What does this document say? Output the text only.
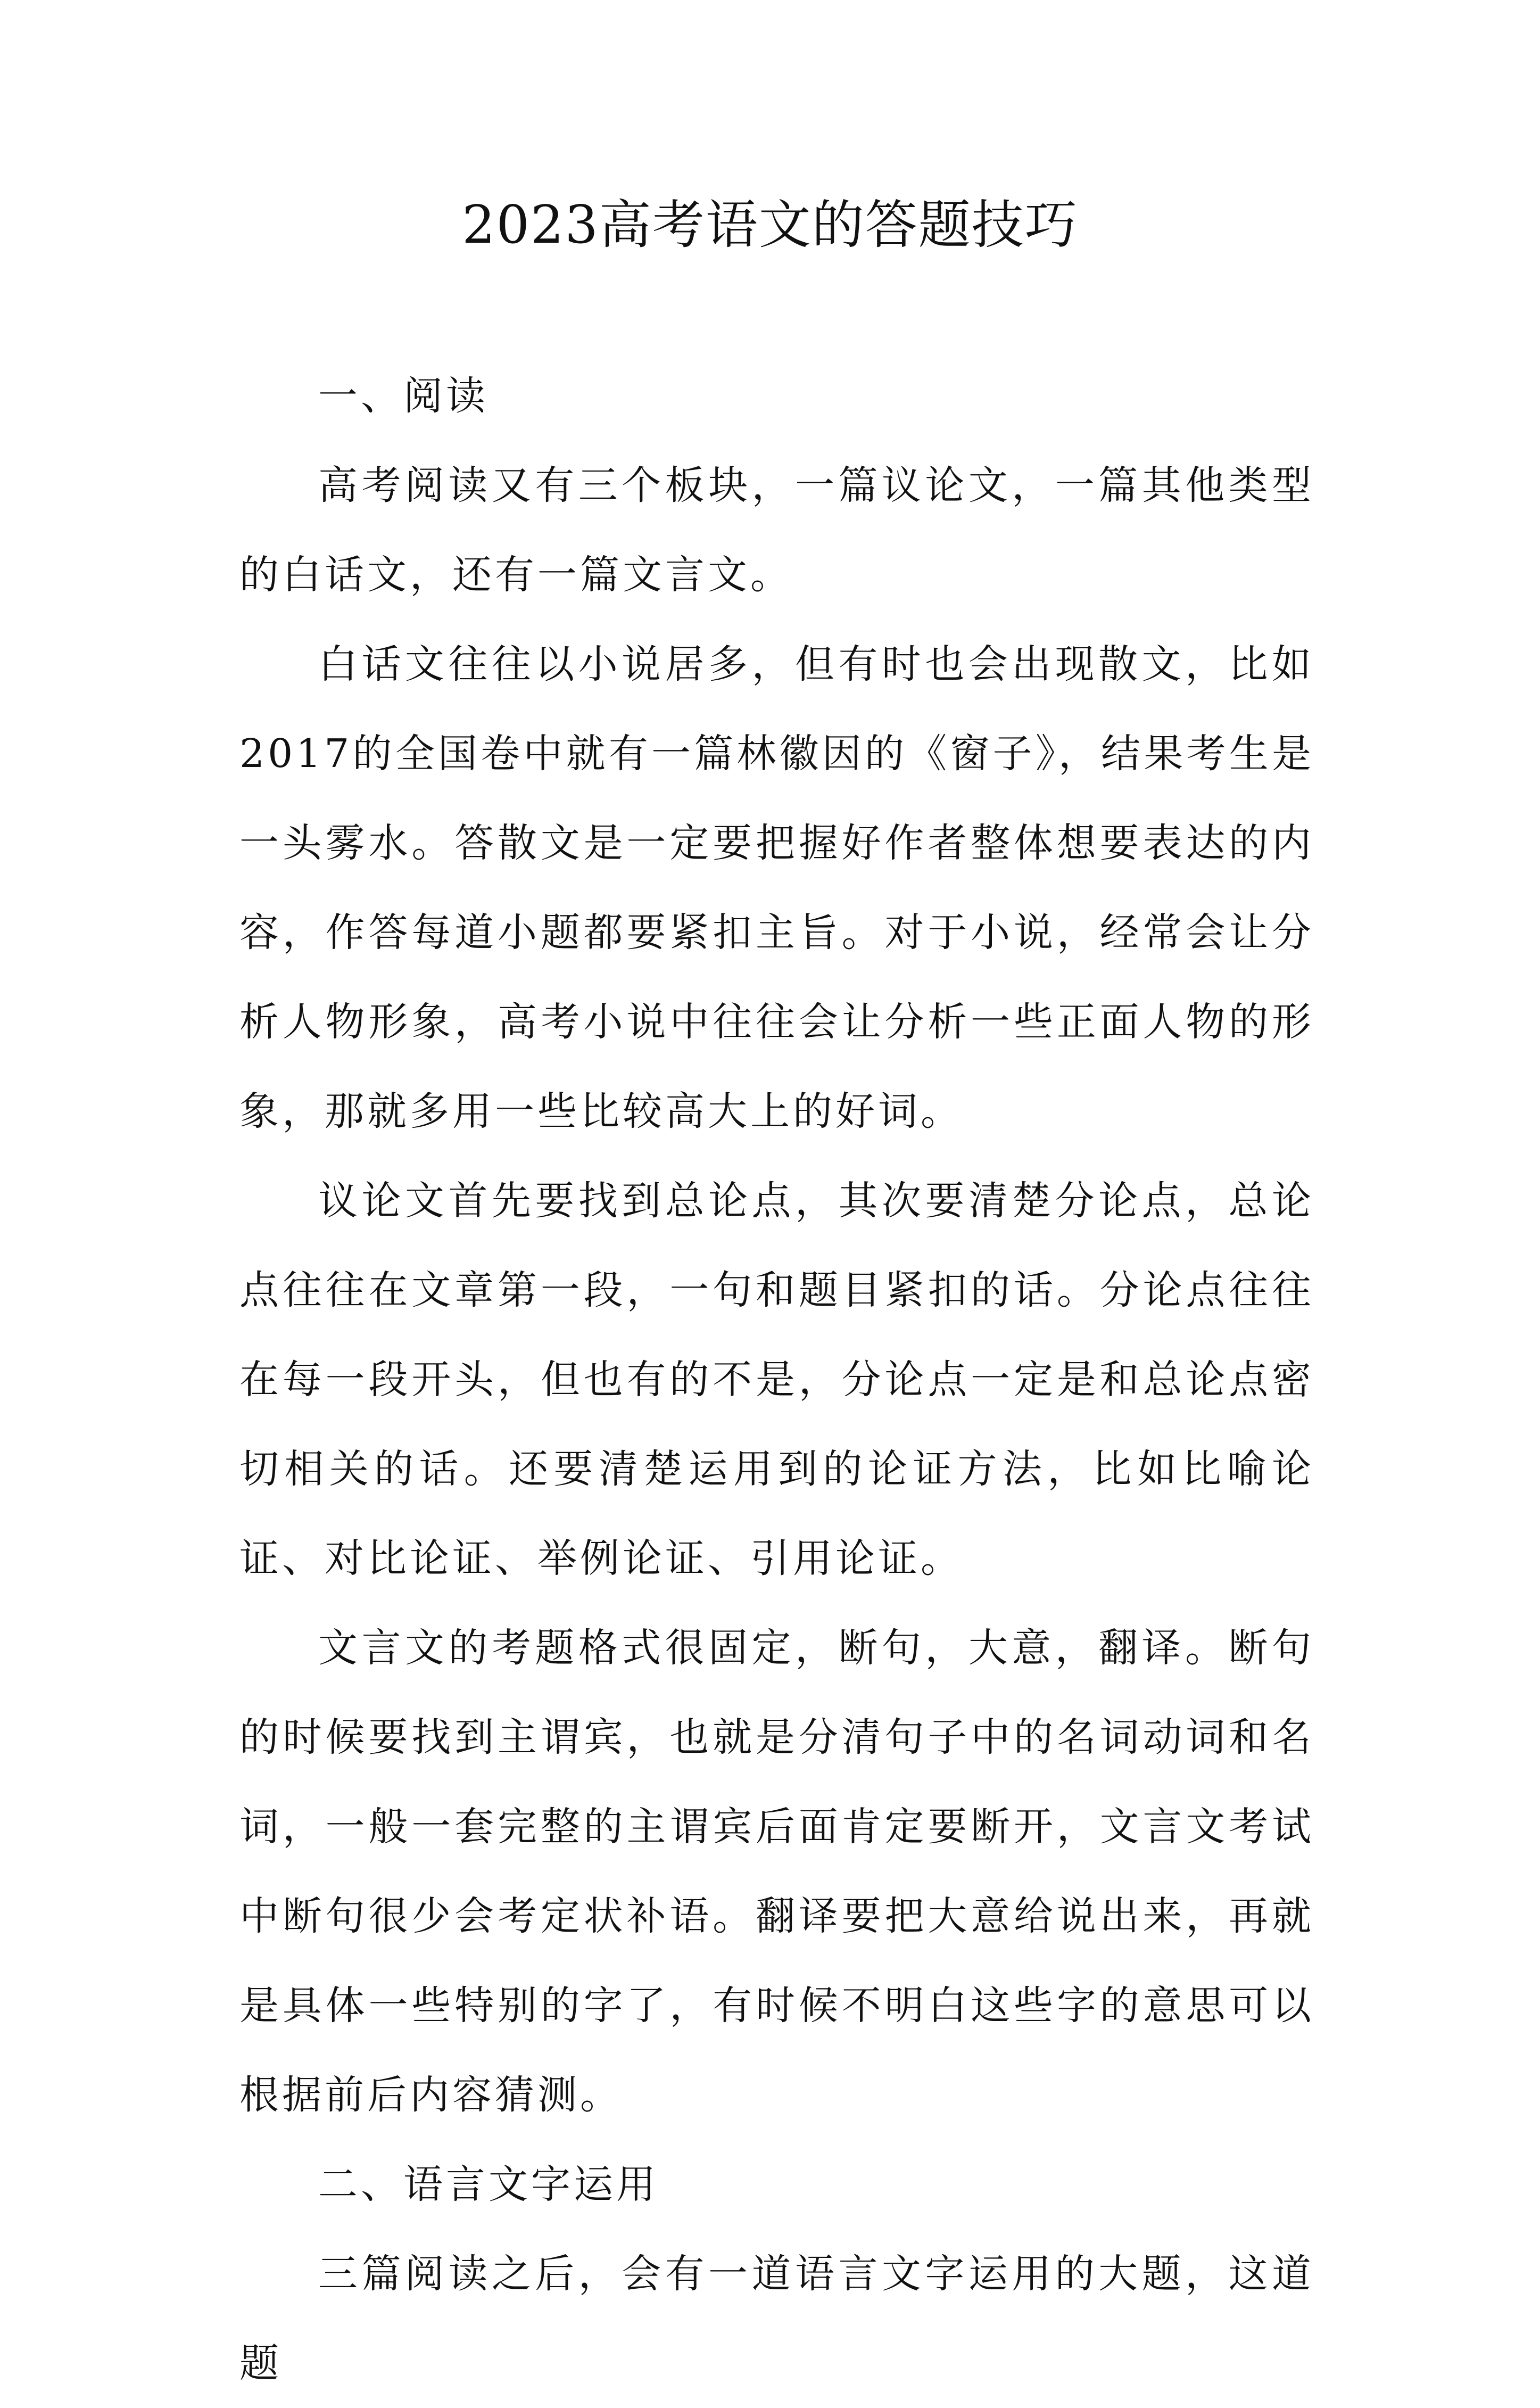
2023高考语文的答题技巧

一、阅读

高考阅读又有三个板块，一篇议论文，一篇其他类型的白话文，还有一篇文言文。

白话文往往以小说居多，但有时也会出现散文，比如2017的全国卷中就有一篇林徽因的《窗子》，结果考生是一头雾水。答散文是一定要把握好作者整体想要表达的内容，作答每道小题都要紧扣主旨。对于小说，经常会让分析人物形象，高考小说中往往会让分析一些正面人物的形象，那就多用一些比较高大上的好词。

议论文首先要找到总论点，其次要清楚分论点，总论点往往在文章第一段，一句和题目紧扣的话。分论点往往在每一段开头，但也有的不是，分论点一定是和总论点密切相关的话。还要清楚运用到的论证方法，比如比喻论证、对比论证、举例论证、引用论证。

文言文的考题格式很固定，断句，大意，翻译。断句的时候要找到主谓宾，也就是分清句子中的名词动词和名词，一般一套完整的主谓宾后面肯定要断开，文言文考试中断句很少会考定状补语。翻译要把大意给说出来，再就是具体一些特别的字了，有时候不明白这些字的意思可以根据前后内容猜测。

二、语言文字运用

三篇阅读之后，会有一道语言文字运用的大题，这道题
